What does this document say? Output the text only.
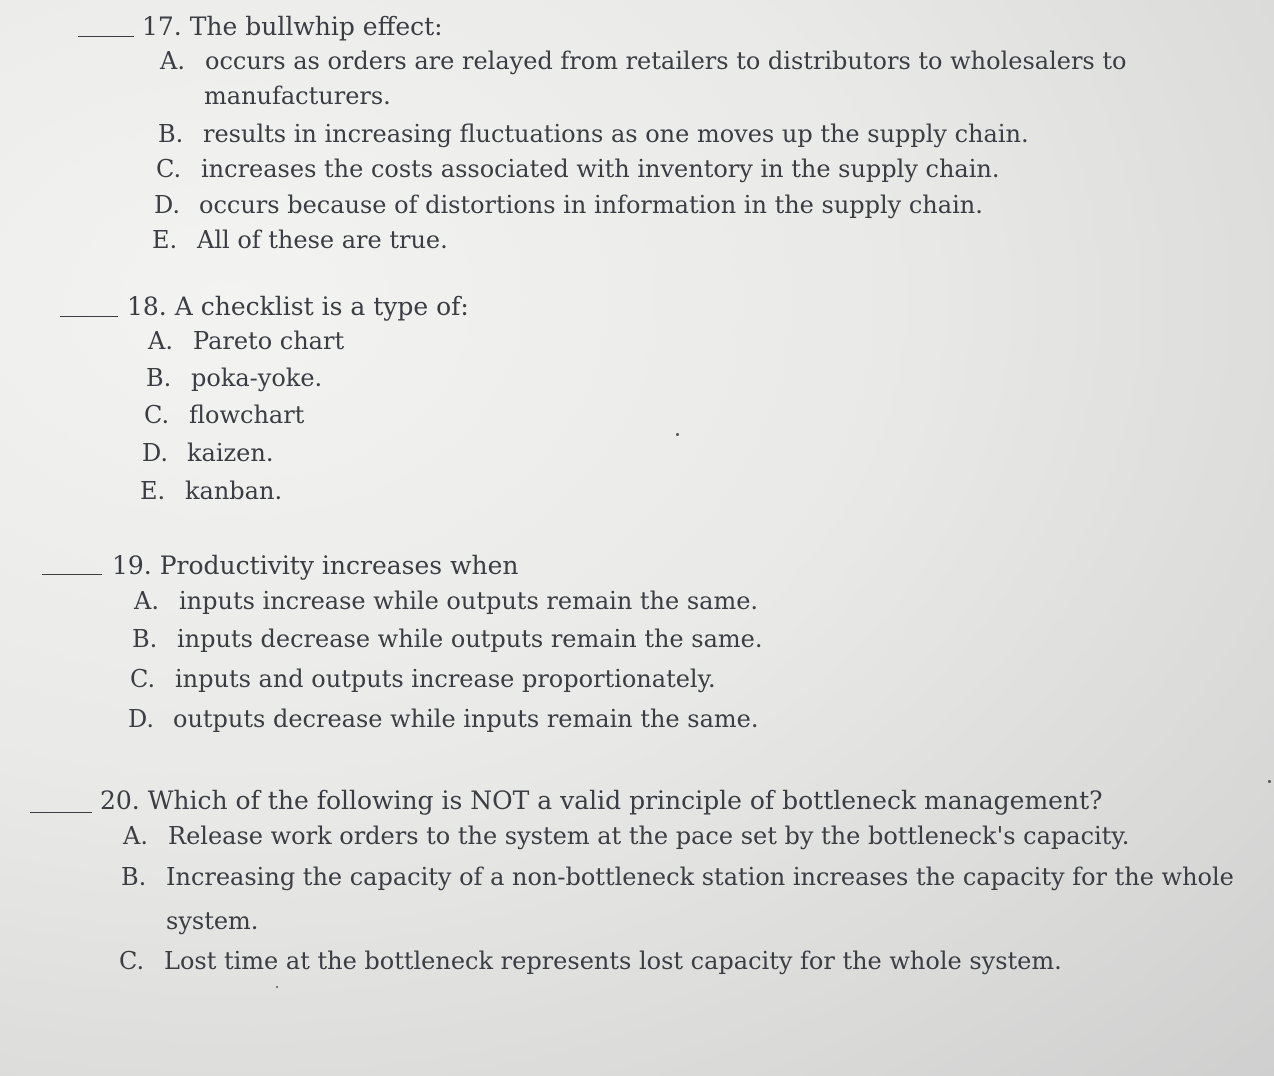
17. The bullwhip effect:
A. occurs as orders are relayed from retailers to distributors to wholesalers to
manufacturers.
B. results in increasing fluctuations as one moves up the supply chain.
C. increases the costs associated with inventory in the supply chain.
D. occurs because of distortions in information in the supply chain.
E. All of these are true.
18. A checklist is a type of:
A. Pareto chart
B. poka-yoke.
C. flowchart
D. kaizen.
E. kanban.
19. Productivity increases when
A. inputs increase while outputs remain the same.
B. inputs decrease while outputs remain the same.
C. inputs and outputs increase proportionately.
D. outputs decrease while inputs remain the same.
20. Which of the following is NOT a valid principle of bottleneck management?
A. Release work orders to the system at the pace set by the bottleneck's capacity.
B. Increasing the capacity of a non-bottleneck station increases the capacity for the whole
system.
C. Lost time at the bottleneck represents lost capacity for the whole system.
